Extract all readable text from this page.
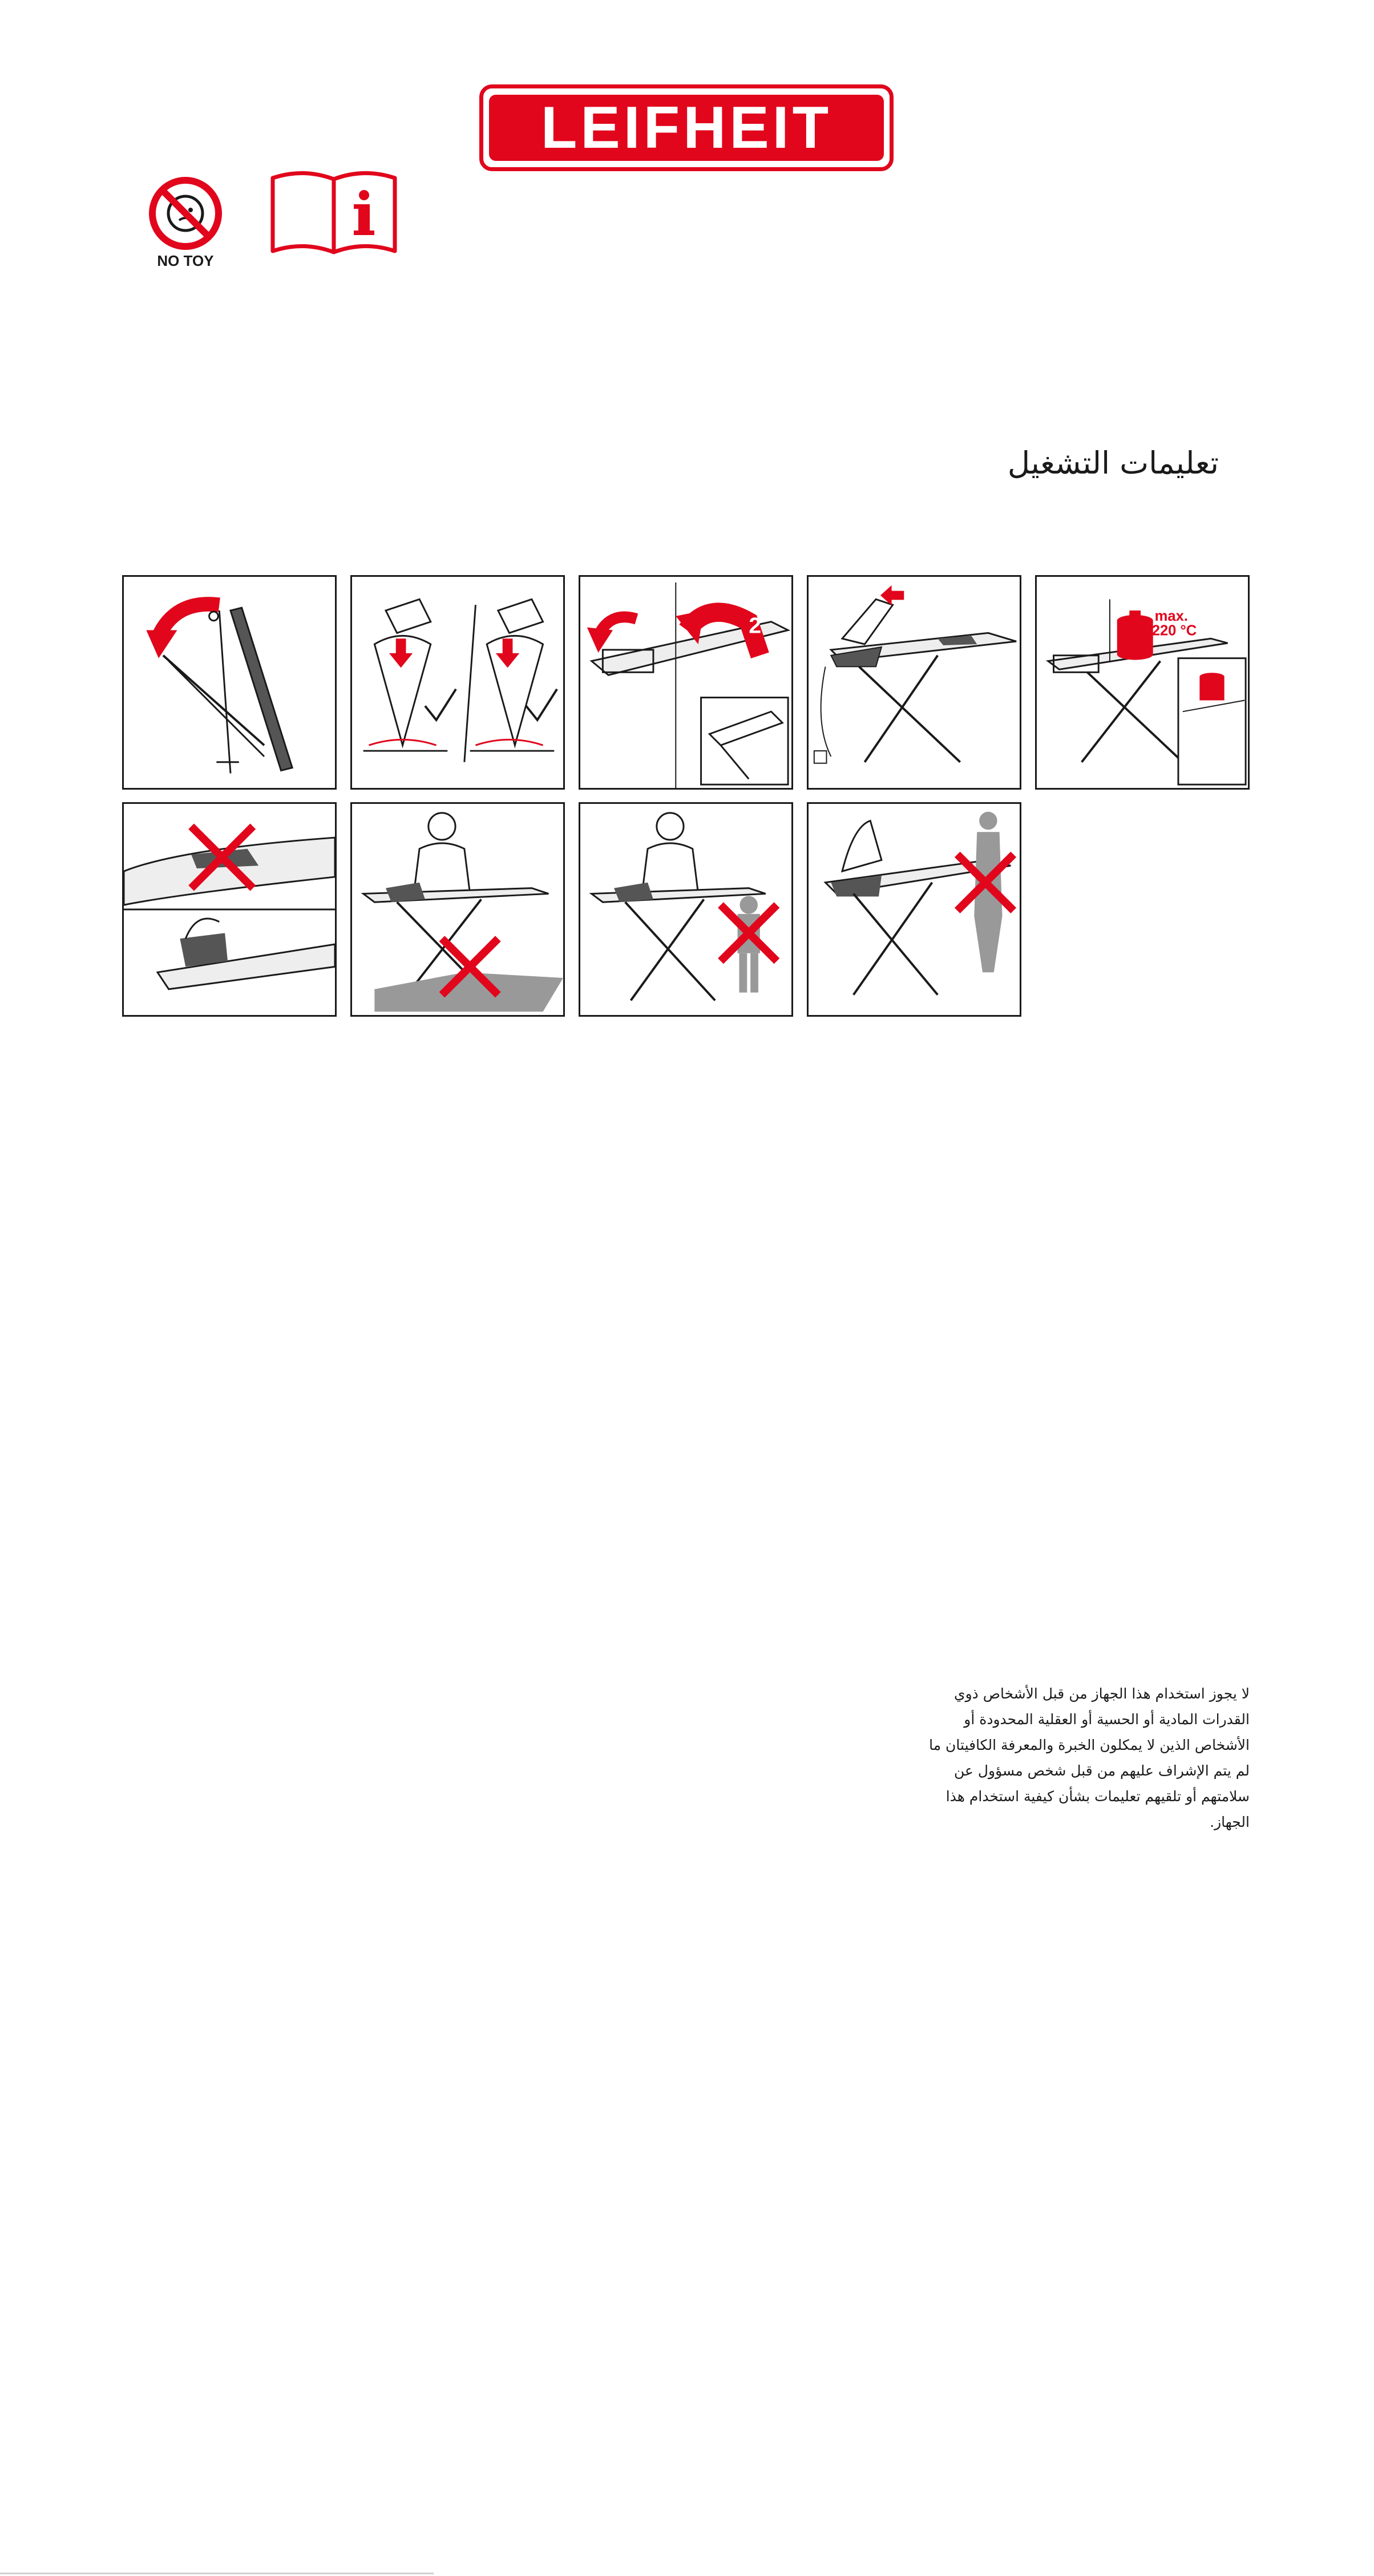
LEIFHEIT
NO TOY
تعليمات التشغيل
2	max.
220 °C
لا يجوز استخدام هذا الجهاز من قبل الأشخاص ذوي
القدرات المادية أو الحسية أو العقلية المحدودة أو
الأشخاص الذين لا يمكلون الخبرة والمعرفة الكافيتان ما
لم يتم الإشراف عليهم من قبل شخص مسؤول عن
سلامتهم أو تلقيهم تعليمات بشأن كيفية استخدام هذا
الجهاز.
